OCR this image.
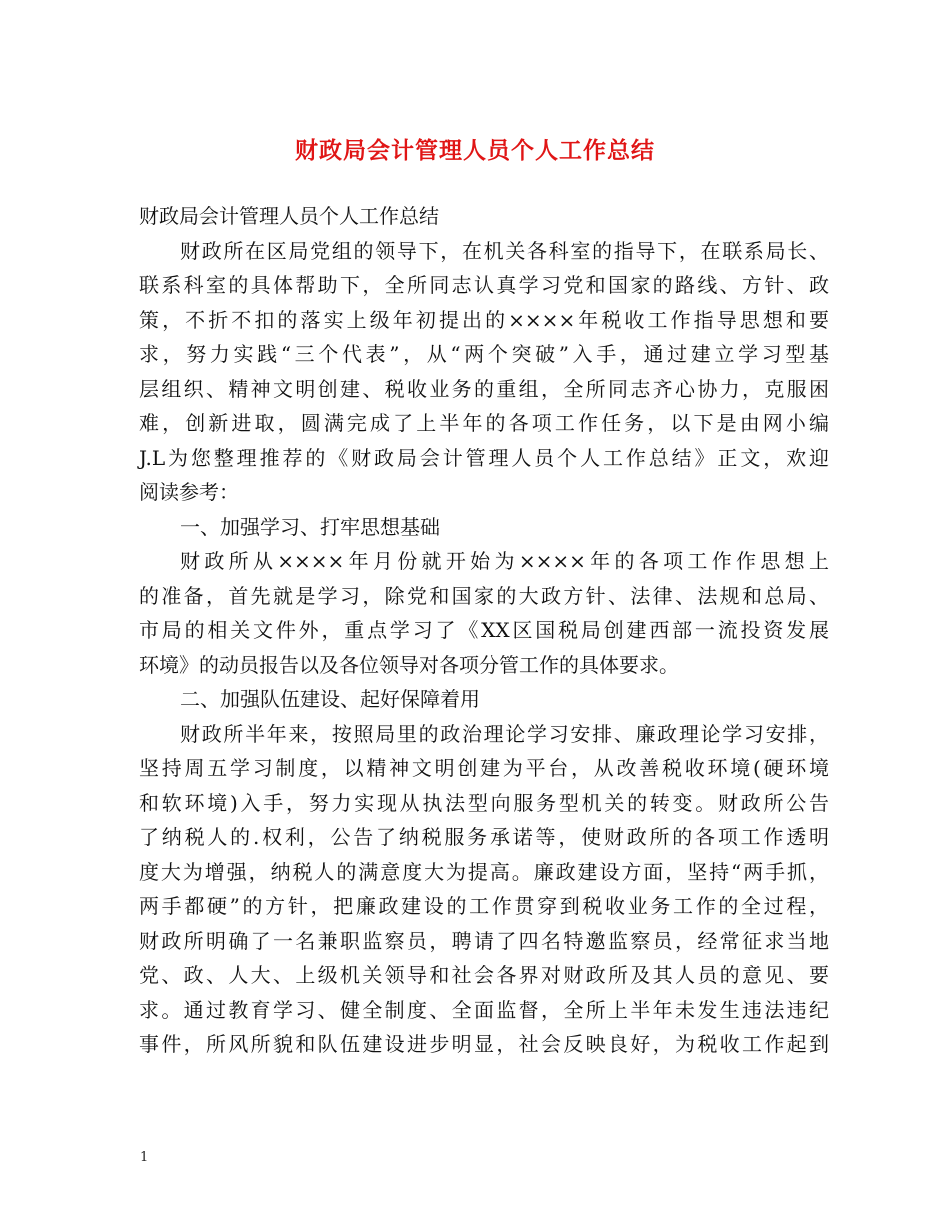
财政局会计管理人员个人工作总结
财政局会计管理人员个人工作总结
财政所在区局党组的领导下，在机关各科室的指导下，在联系局长、
联系科室的具体帮助下，全所同志认真学习党和国家的路线、方针、政
策，不折不扣的落实上级年初提出的××××年税收工作指导思想和要
求，努力实践“三个代表”，从“两个突破”入手，通过建立学习型基
层组织、精神文明创建、税收业务的重组，全所同志齐心协力，克服困
难，创新进取，圆满完成了上半年的各项工作任务，以下是由网小编
J.L为您整理推荐的《财政局会计管理人员个人工作总结》正文，欢迎
阅读参考：
一、加强学习、打牢思想基础
财政所从××××年月份就开始为××××年的各项工作作思想上
的准备，首先就是学习，除党和国家的大政方针、法律、法规和总局、
市局的相关文件外，重点学习了《XX区国税局创建西部一流投资发展
环境》的动员报告以及各位领导对各项分管工作的具体要求。
二、加强队伍建设、起好保障着用
财政所半年来，按照局里的政治理论学习安排、廉政理论学习安排，
坚持周五学习制度，以精神文明创建为平台，从改善税收环境(硬环境
和软环境)入手，努力实现从执法型向服务型机关的转变。财政所公告
了纳税人的.权利，公告了纳税服务承诺等，使财政所的各项工作透明
度大为增强，纳税人的满意度大为提高。廉政建设方面，坚持“两手抓，
两手都硬”的方针，把廉政建设的工作贯穿到税收业务工作的全过程，
财政所明确了一名兼职监察员，聘请了四名特邀监察员，经常征求当地
党、政、人大、上级机关领导和社会各界对财政所及其人员的意见、要
求。通过教育学习、健全制度、全面监督，全所上半年未发生违法违纪
事件，所风所貌和队伍建设进步明显，社会反映良好，为税收工作起到
1
